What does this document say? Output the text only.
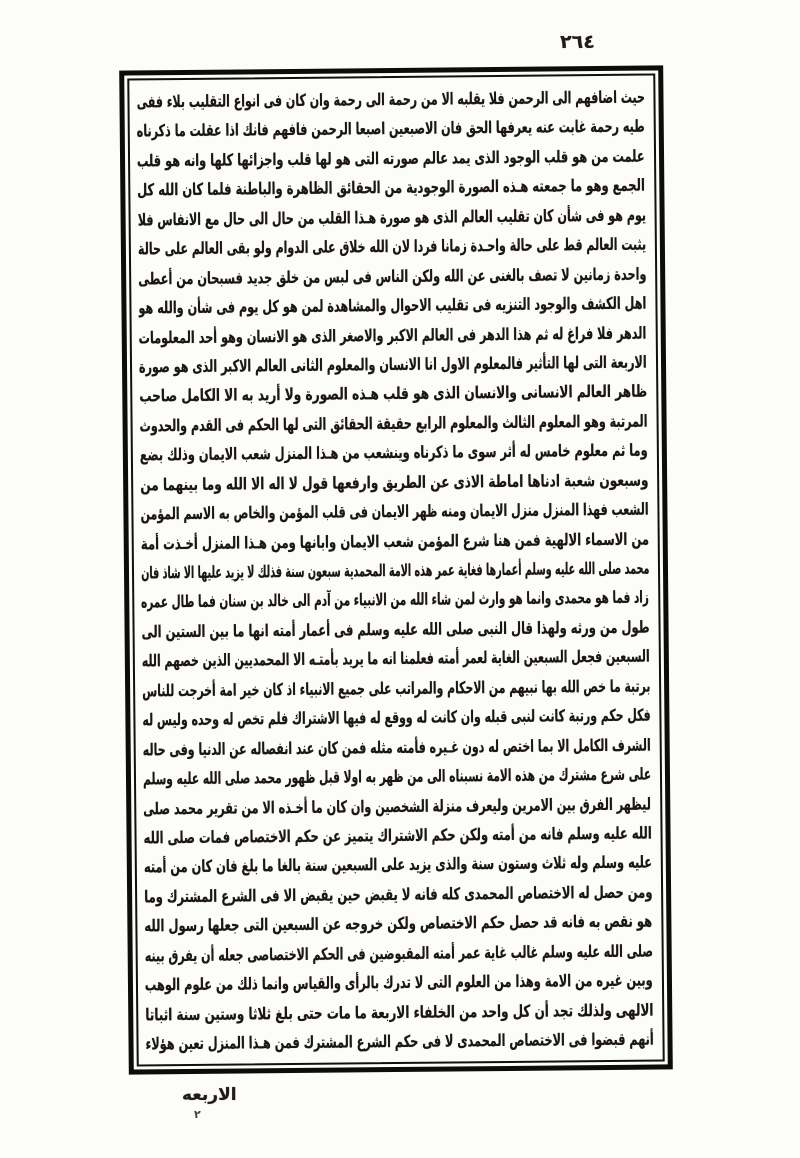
٢٦٤
حيث اضافهم الى الرحمن فلا يقلبه الا من رحمة الى رحمة وان كان فى انواع التقليب بلاء ففى
طيه رحمة غابت عنه يعرفها الحق فان الاصبعين اصبعا الرحمن فافهم فانك اذا عقلت ما ذكرناه
علمت من هو قلب الوجود الذى يمد عالم صورته التى هو لها قلب واجزائها كلها وانه هو قلب
الجمع وهو ما جمعته هـذه الصورة الوجودية من الحقائق الظاهرة والباطنة فلما كان الله كل
يوم هو فى شأن كان تقليب العالم الذى هو صورة هـذا القلب من حال الى حال مع الانفاس فلا
يثبت العالم قط على حالة واحـدة زمانا فردا لان الله خلاق على الدوام ولو بقى العالم على حالة
واحدة زمانين لا تصف بالغنى عن الله ولكن الناس فى لبس من خلق جديد فسبحان من أعطى
اهل الكشف والوجود التنزيه فى تقليب الاحوال والمشاهدة لمن هو كل يوم فى شأن والله هو
الدهر فلا فراغ له ثم هذا الدهر فى العالم الاكبر والاصغر الذى هو الانسان وهو أحد المعلومات
الاربعة التى لها التأثير فالمعلوم الاول انا الانسان والمعلوم الثانى العالم الاكبر الذى هو صورة
ظاهر العالم الانسانى والانسان الذى هو قلب هـذه الصورة ولا أريد به الا الكامل صاحب
المرتبة وهو المعلوم الثالث والمعلوم الرابع حقيقة الحقائق التى لها الحكم فى القدم والحدوث
وما ثم معلوم خامس له أثر سوى ما ذكرناه وينشعب من هـذا المنزل شعب الايمان وذلك بضع
وسبعون شعبة ادناها اماطة الاذى عن الطريق وارفعها قول لا اله الا الله وما بينهما من
الشعب فهذا المنزل منزل الايمان ومنه ظهر الايمان فى قلب المؤمن والخاص به الاسم المؤمن
من الاسماء الالهية فمن هنا شرع المؤمن شعب الايمان وابانها ومن هـذا المنزل أخـذت أمة
محمد صلى الله عليه وسلم أعمارها فغاية عمر هذه الامة المحمدية سبعون سنة فذلك لا يزيد عليها الا شاذ فان
زاد فما هو محمدى وانما هو وارث لمن شاء الله من الانبياء من آدم الى خالد بن سنان فما طال عمره
طول من ورثه ولهذا قال النبى صلى الله عليه وسلم فى أعمار أمته انها ما بين الستين الى
السبعين فجعل السبعين الغاية لعمر أمته فعلمنا انه ما يريد بأمتـه الا المحمديين الذين خصهم الله
برتبة ما خص الله بها نبيهم من الاحكام والمراتب على جميع الانبياء اذ كان خير امة أخرجت للناس
فكل حكم ورتبة كانت لنبى قبله وان كانت له ووقع له فيها الاشتراك فلم تخص له وحده وليس له
الشرف الكامل الا بما اختص له دون غـيره فأمته مثله فمن كان عند انفصاله عن الدنيا وفى حاله
على شرع مشترك من هذه الامة نسبناه الى من ظهر به اولا قبل ظهور محمد صلى الله عليه وسلم
ليظهر الفرق بين الامرين وليعرف منزلة الشخصين وان كان ما أخـذه الا من تقرير محمد صلى
الله عليه وسلم فانه من أمته ولكن حكم الاشتراك يتميز عن حكم الاختصاص فمات صلى الله
عليه وسلم وله ثلاث وستون سنة والذى يزيد على السبعين سنة بالغا ما بلغ فان كان من أمته
ومن حصل له الاختصاص المحمدى كله فانه لا يقبض حين يقبض الا فى الشرع المشترك وما
هو نقص به فانه قد حصل حكم الاختصاص ولكن خروجه عن السبعين التى جعلها رسول الله
صلى الله عليه وسلم غالب غاية عمر أمته المقبوضين فى الحكم الاختصاصى جعله أن يفرق بينه
وبين غيره من الامة وهذا من العلوم التى لا تدرك بالرأى والقياس وانما ذلك من علوم الوهب
الالهى ولذلك تجد أن كل واحد من الخلفاء الاربعة ما مات حتى بلغ ثلاثا وستين سنة اثباتا
أنهم قبضوا فى الاختصاص المحمدى لا فى حكم الشرع المشترك فمن هـذا المنزل تعين هؤلاء
الاربعه
٢
